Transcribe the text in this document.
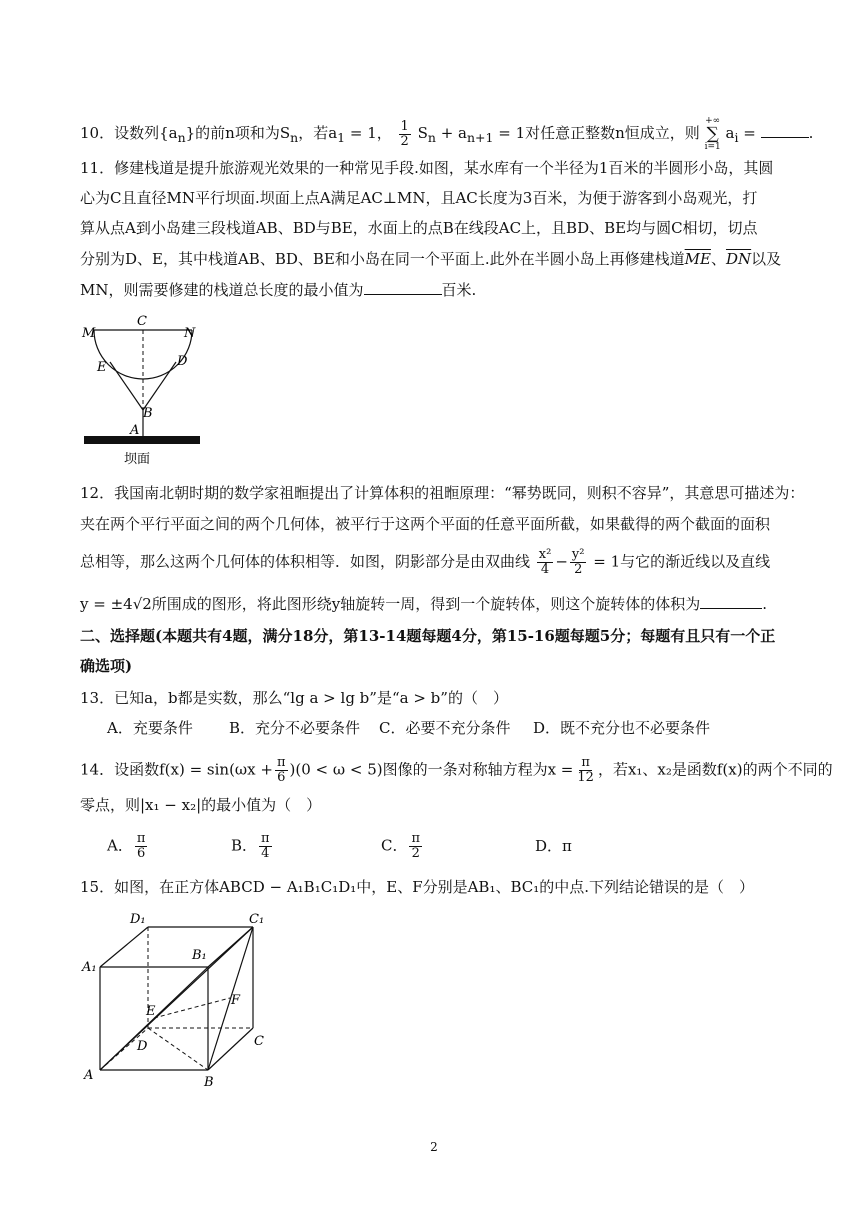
10．设数列$\{a_n\}$的前n项和为$S_n$，若$a_1 = 1$， $\frac{1}{2} S_n + a_{n+1} = 1$对任意正整数n恒成立，则
+∞
∑
i=1
$a_i$ =	.
11．修建栈道是提升旅游观光效果的一种常见手段.如图，某水库有一个半径为1百米的半圆形小岛，其圆
心为C且直径MN平行坝面.坝面上点A满足AC⊥MN，且AC长度为3百米，为便于游客到小岛观光，打
算从点A到小岛建三段栈道AB、BD与BE，水面上的点B在线段AC上，且BD、BE均与圆C相切，切点
分别为D、E，其中栈道AB、BD、BE和小岛在同一个平面上.此外在半圆小岛上再修建栈道$\overline{ME}$、$\overline{DN}$以及
MN，则需要修建的栈道总长度的最小值为	百米.
M
C
N
E	D
B
A
坝面
12．我国南北朝时期的数学家祖暅提出了计算体积的祖暅原理：“幂势既同，则积不容异”，其意思可描述为：
夹在两个平行平面之间的两个几何体，被平行于这两个平面的任意平面所截，如果截得的两个截面的面积
总相等，那么这两个几何体的体积相等．如图，阴影部分是由双曲线 $\frac{\text{x²}}{4} - \frac{\text{y²}}{2} = 1$与它的渐近线以及直线
y = ±4√2所围成的图形，将此图形绕y轴旋转一周，得到一个旋转体，则这个旋转体的体积为	.
二、选择题(本题共有4题，满分18分，第13-14题每题4分，第15-16题每题5分；每题有且只有一个正
确选项)
13．已知a，b都是实数，那么“lg a > lg b”是“a > b”的（　）
A．充要条件 B．充分不必要条件 C．必要不充分条件 D．既不充分也不必要条件
14．设函数$f(x) = \sin(\omega x + \frac{\pi}{6} )(0 < \omega < 5)$图像的一条对称轴方程为$x = \frac{\pi}{12}$ ，若x₁、x₂是函数f(x)的两个不同的
零点，则|x₁ − x₂|的最小值为（　）
A． $\frac{\pi}{6}$	B． $\frac{\pi}{4}$	C． $\frac{\pi}{2}$	D．π
15．如图，在正方体ABCD − A₁B₁C₁D₁中，E、F分别是AB₁、BC₁的中点.下列结论错误的是（　）
D₁	C₁
A₁
B₁
E
F
D	C
A	B
2
